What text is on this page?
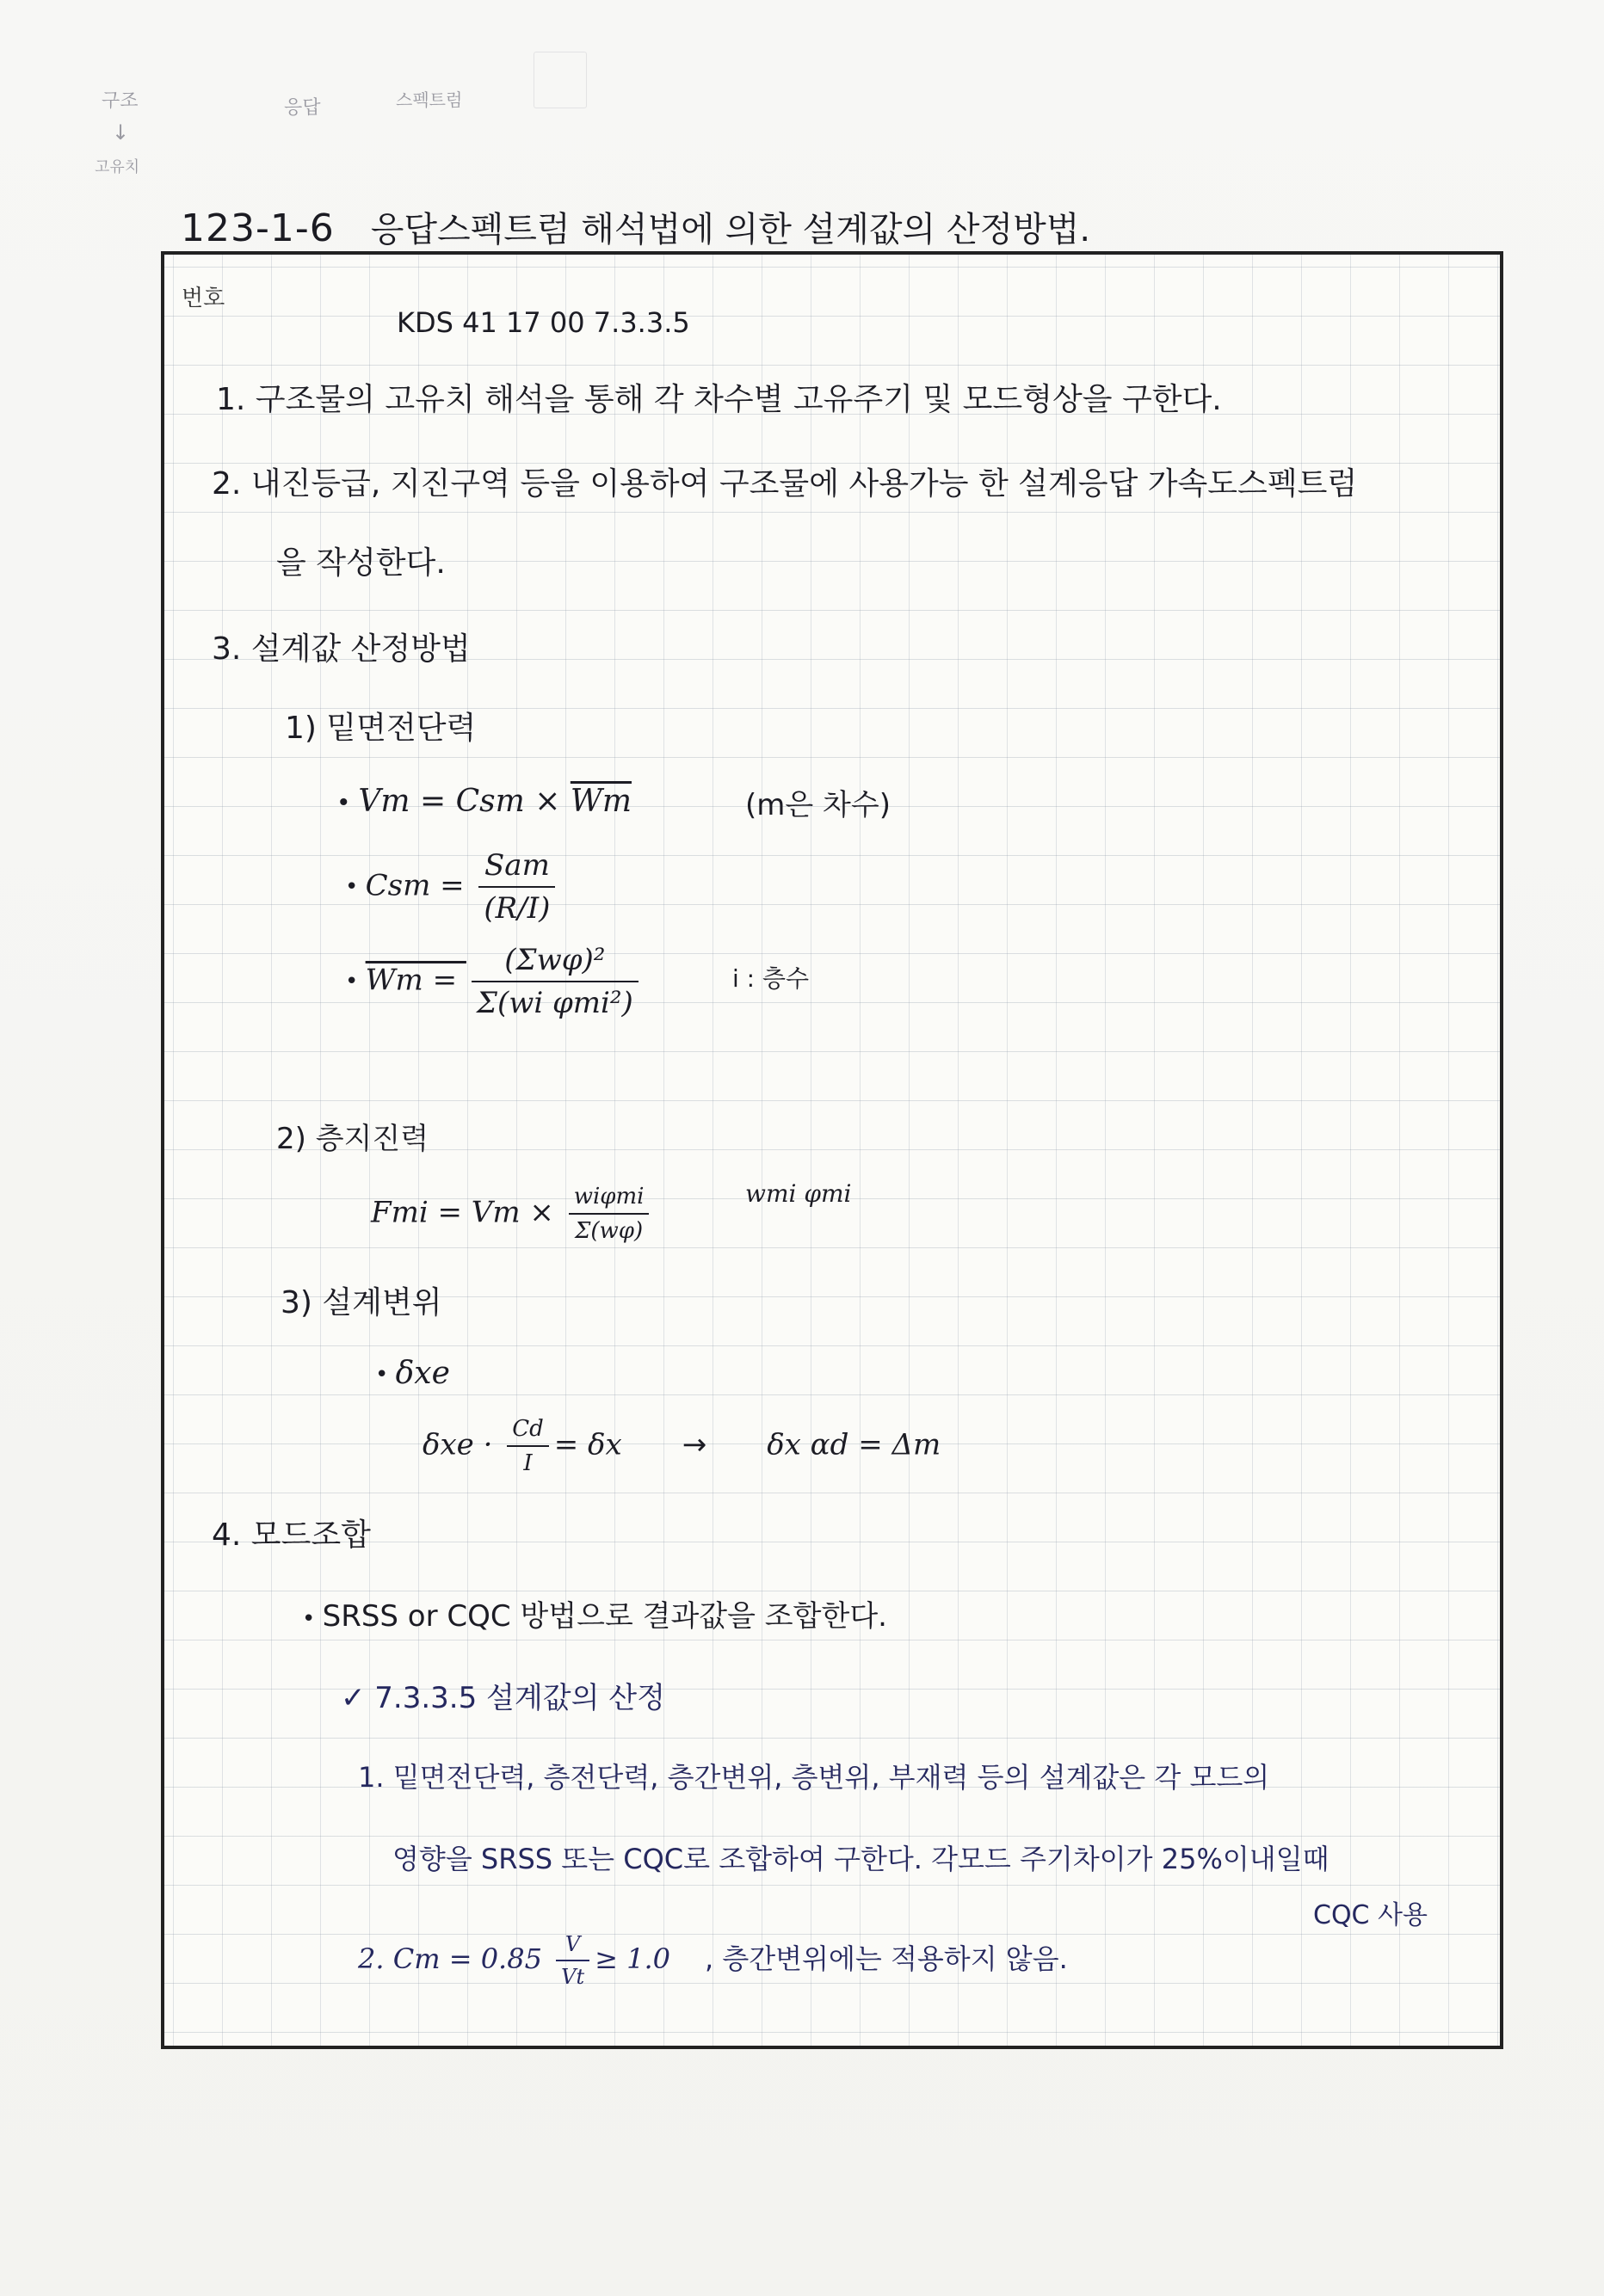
구조
↓
고유치
응답	스펙트럼
123-1-6 응답스펙트럼 해석법에 의한 설계값의 산정방법.
번호
KDS 41 17 00 7.3.3.5
1. 구조물의 고유치 해석을 통해 각 차수별 고유주기 및 모드형상을 구한다.
2. 내진등급, 지진구역 등을 이용하여 구조물에 사용가능 한 설계응답 가속도스펙트럼
을 작성한다.
3. 설계값 산정방법
1) 밑면전단력
• Vm = Csm × $\overline{Wm}$	(m은 차수)
• Csm = $\frac{\text{Sam}}{(R/I)}$
• $Wm = \frac{\text{(Σwφ)²}}{\text{Σ(wi φmi²)}}$	i : 층수
2) 층지진력
Fmi = $Vm \times \frac{\text{wiφmi}}{\Sigma(w\varphi)}$	wmi φmi
3) 설계변위
• δxe
$\delta xe \cdot \frac{Cd}{I} = \delta x \to \delta x$ αd = Δm
4. 모드조합
• SRSS or CQC 방법으로 결과값을 조합한다.
✓ 7.3.3.5 설계값의 산정
1. 밑면전단력, 층전단력, 층간변위, 층변위, 부재력 등의 설계값은 각 모드의
영향을 SRSS 또는 CQC로 조합하여 구한다. 각모드 주기차이가 25%이내일때
CQC 사용
2. $Cm = 0.85 \frac{V}{Vt} \ge 1.0$ , 층간변위에는 적용하지 않음.
